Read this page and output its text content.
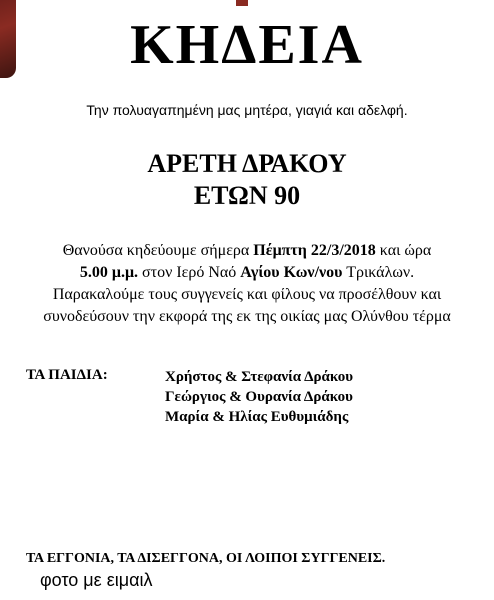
ΚΗΔΕΙΑ
Την πολυαγαπημένη μας μητέρα, γιαγιά και αδελφή.
ΑΡΕΤΗ ΔΡΑΚΟΥ
ΕΤΩΝ 90
Θανούσα κηδεύουμε σήμερα Πέμπτη 22/3/2018 και ώρα
5.00 μ.μ. στον Ιερό Ναό Αγίου Κων/νου Τρικάλων.
Παρακαλούμε τους συγγενείς και φίλους να προσέλθουν και
συνοδεύσουν την εκφορά της εκ της οικίας μας Ολύνθου τέρμα
ΤΑ ΠΑΙΔΙΑ:	Χρήστος & Στεφανία Δράκου
Γεώργιος & Ουρανία Δράκου
Μαρία & Ηλίας Ευθυμιάδης
ΤΑ ΕΓΓΟΝΙΑ, ΤΑ ΔΙΣΕΓΓΟΝΑ, ΟΙ ΛΟΙΠΟΙ ΣΥΓΓΕΝΕΙΣ.
φοτο με ειμαιλ
